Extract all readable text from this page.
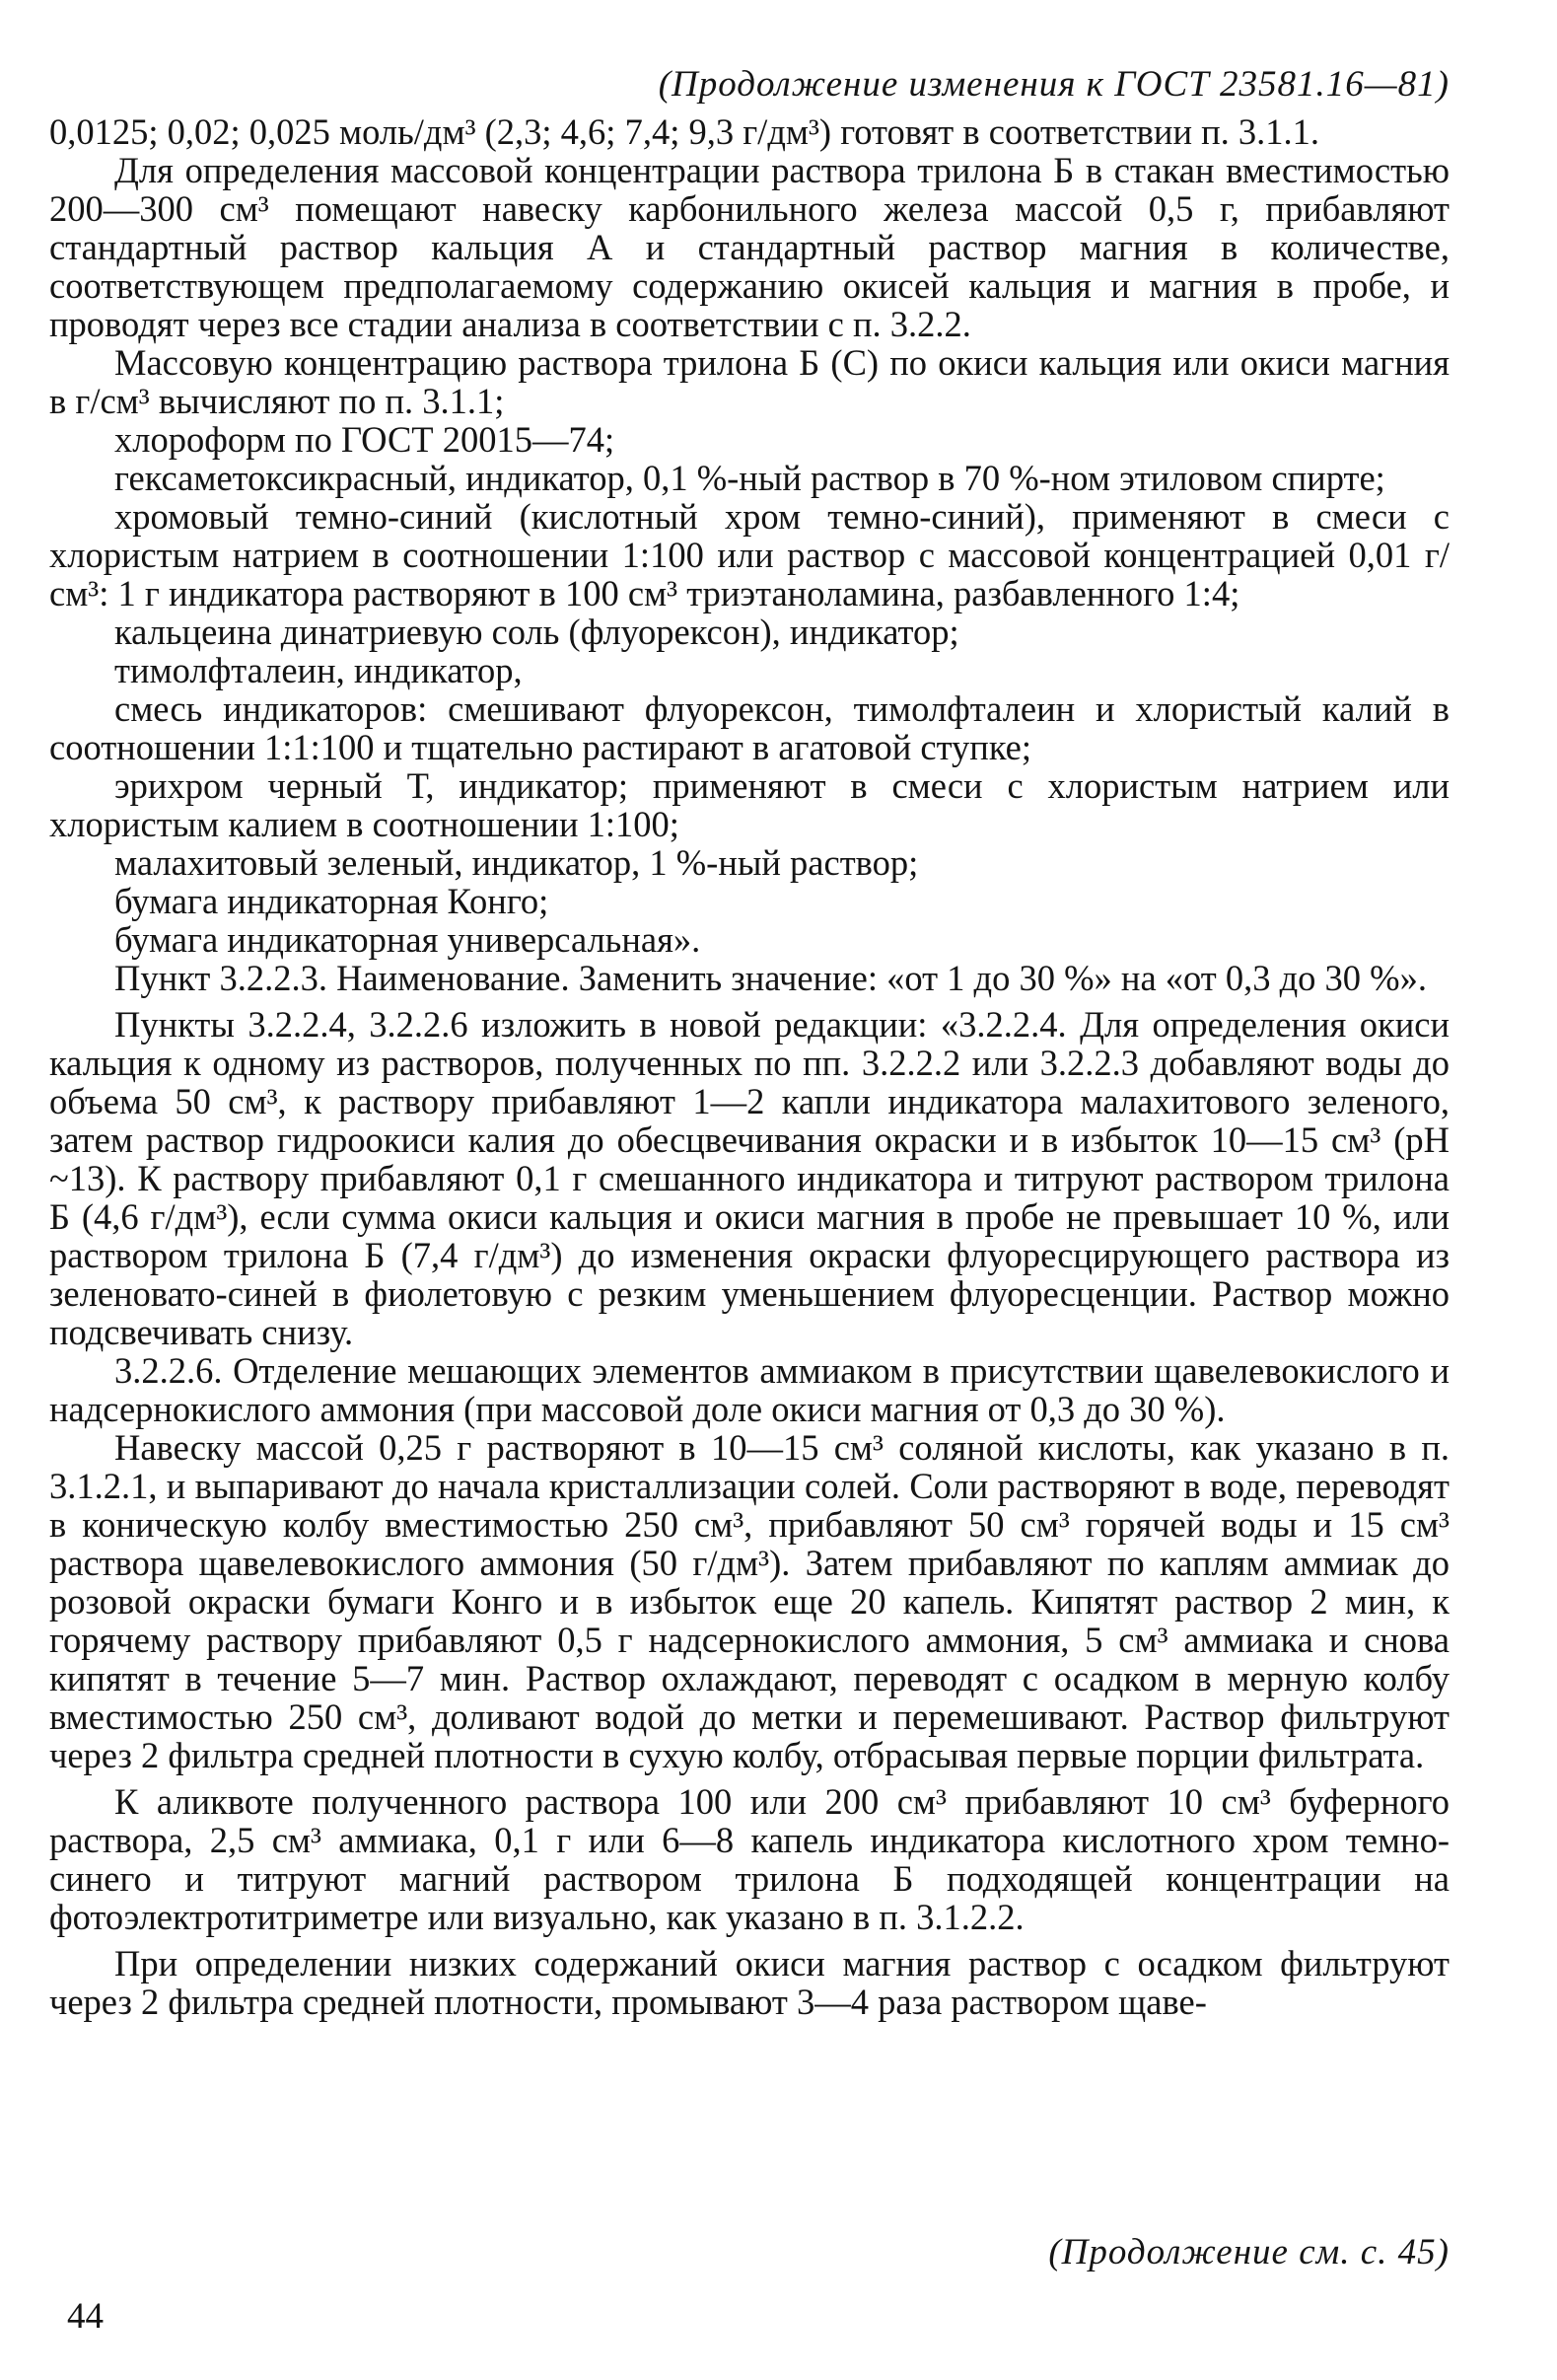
(Продолжение изменения к ГОСТ 23581.16—81)

0,0125; 0,02; 0,025 моль/дм³ (2,3; 4,6; 7,4; 9,3 г/дм³) готовят в соответствии п. 3.1.1.

Для определения массовой концентрации раствора трилона Б в стакан вместимостью 200—300 см³ помещают навеску карбонильного железа массой 0,5 г, прибавляют стандартный раствор кальция А и стандартный раствор магния в количестве, соответствующем предполагаемому содержанию окисей кальция и магния в пробе, и проводят через все стадии анализа в соответствии с п. 3.2.2.

Массовую концентрацию раствора трилона Б (С) по окиси кальция или окиси магния в г/см³ вычисляют по п. 3.1.1;

хлороформ по ГОСТ 20015—74;

гексаметоксикрасный, индикатор, 0,1 %-ный раствор в 70 %-ном этиловом спирте;

хромовый темно-синий (кислотный хром темно-синий), применяют в смеси с хлористым натрием в соотношении 1:100 или раствор с массовой концентрацией 0,01 г/см³: 1 г индикатора растворяют в 100 см³ триэтаноламина, разбавленного 1:4;

кальцеина динатриевую соль (флуорексон), индикатор;

тимолфталеин, индикатор,

смесь индикаторов: смешивают флуорексон, тимолфталеин и хлористый калий в соотношении 1:1:100 и тщательно растирают в агатовой ступке;

эрихром черный Т, индикатор; применяют в смеси с хлористым натрием или хлористым калием в соотношении 1:100;

малахитовый зеленый, индикатор, 1 %-ный раствор;

бумага индикаторная Конго;

бумага индикаторная универсальная».

Пункт 3.2.2.3. Наименование. Заменить значение: «от 1 до 30 %» на «от 0,3 до 30 %».

Пункты 3.2.2.4, 3.2.2.6 изложить в новой редакции: «3.2.2.4. Для определения окиси кальция к одному из растворов, полученных по пп. 3.2.2.2 или 3.2.2.3 добавляют воды до объема 50 см³, к раствору прибавляют 1—2 капли индикатора малахитового зеленого, затем раствор гидроокиси калия до обесцвечивания окраски и в избыток 10—15 см³ (pH ~13). К раствору прибавляют 0,1 г смешанного индикатора и титруют раствором трилона Б (4,6 г/дм³), если сумма окиси кальция и окиси магния в пробе не превышает 10 %, или раствором трилона Б (7,4 г/дм³) до изменения окраски флуоресцирующего раствора из зеленовато-синей в фиолетовую с резким уменьшением флуоресценции. Раствор можно подсвечивать снизу.

3.2.2.6. Отделение мешающих элементов аммиаком в присутствии щавелевокислого и надсернокислого аммония (при массовой доле окиси магния от 0,3 до 30 %).

Навеску массой 0,25 г растворяют в 10—15 см³ соляной кислоты, как указано в п. 3.1.2.1, и выпаривают до начала кристаллизации солей. Соли растворяют в воде, переводят в коническую колбу вместимостью 250 см³, прибавляют 50 см³ горячей воды и 15 см³ раствора щавелевокислого аммония (50 г/дм³). Затем прибавляют по каплям аммиак до розовой окраски бумаги Конго и в избыток еще 20 капель. Кипятят раствор 2 мин, к горячему раствору прибавляют 0,5 г надсернокислого аммония, 5 см³ аммиака и снова кипятят в течение 5—7 мин. Раствор охлаждают, переводят с осадком в мерную колбу вместимостью 250 см³, доливают водой до метки и перемешивают. Раствор фильтруют через 2 фильтра средней плотности в сухую колбу, отбрасывая первые порции фильтрата.

К аликвоте полученного раствора 100 или 200 см³ прибавляют 10 см³ буферного раствора, 2,5 см³ аммиака, 0,1 г или 6—8 капель индикатора кислотного хром темно-синего и титруют магний раствором трилона Б подходящей концентрации на фотоэлектротитриметре или визуально, как указано в п. 3.1.2.2.

При определении низких содержаний окиси магния раствор с осадком фильтруют через 2 фильтра средней плотности, промывают 3—4 раза раствором щаве-

(Продолжение см. с. 45)
44
